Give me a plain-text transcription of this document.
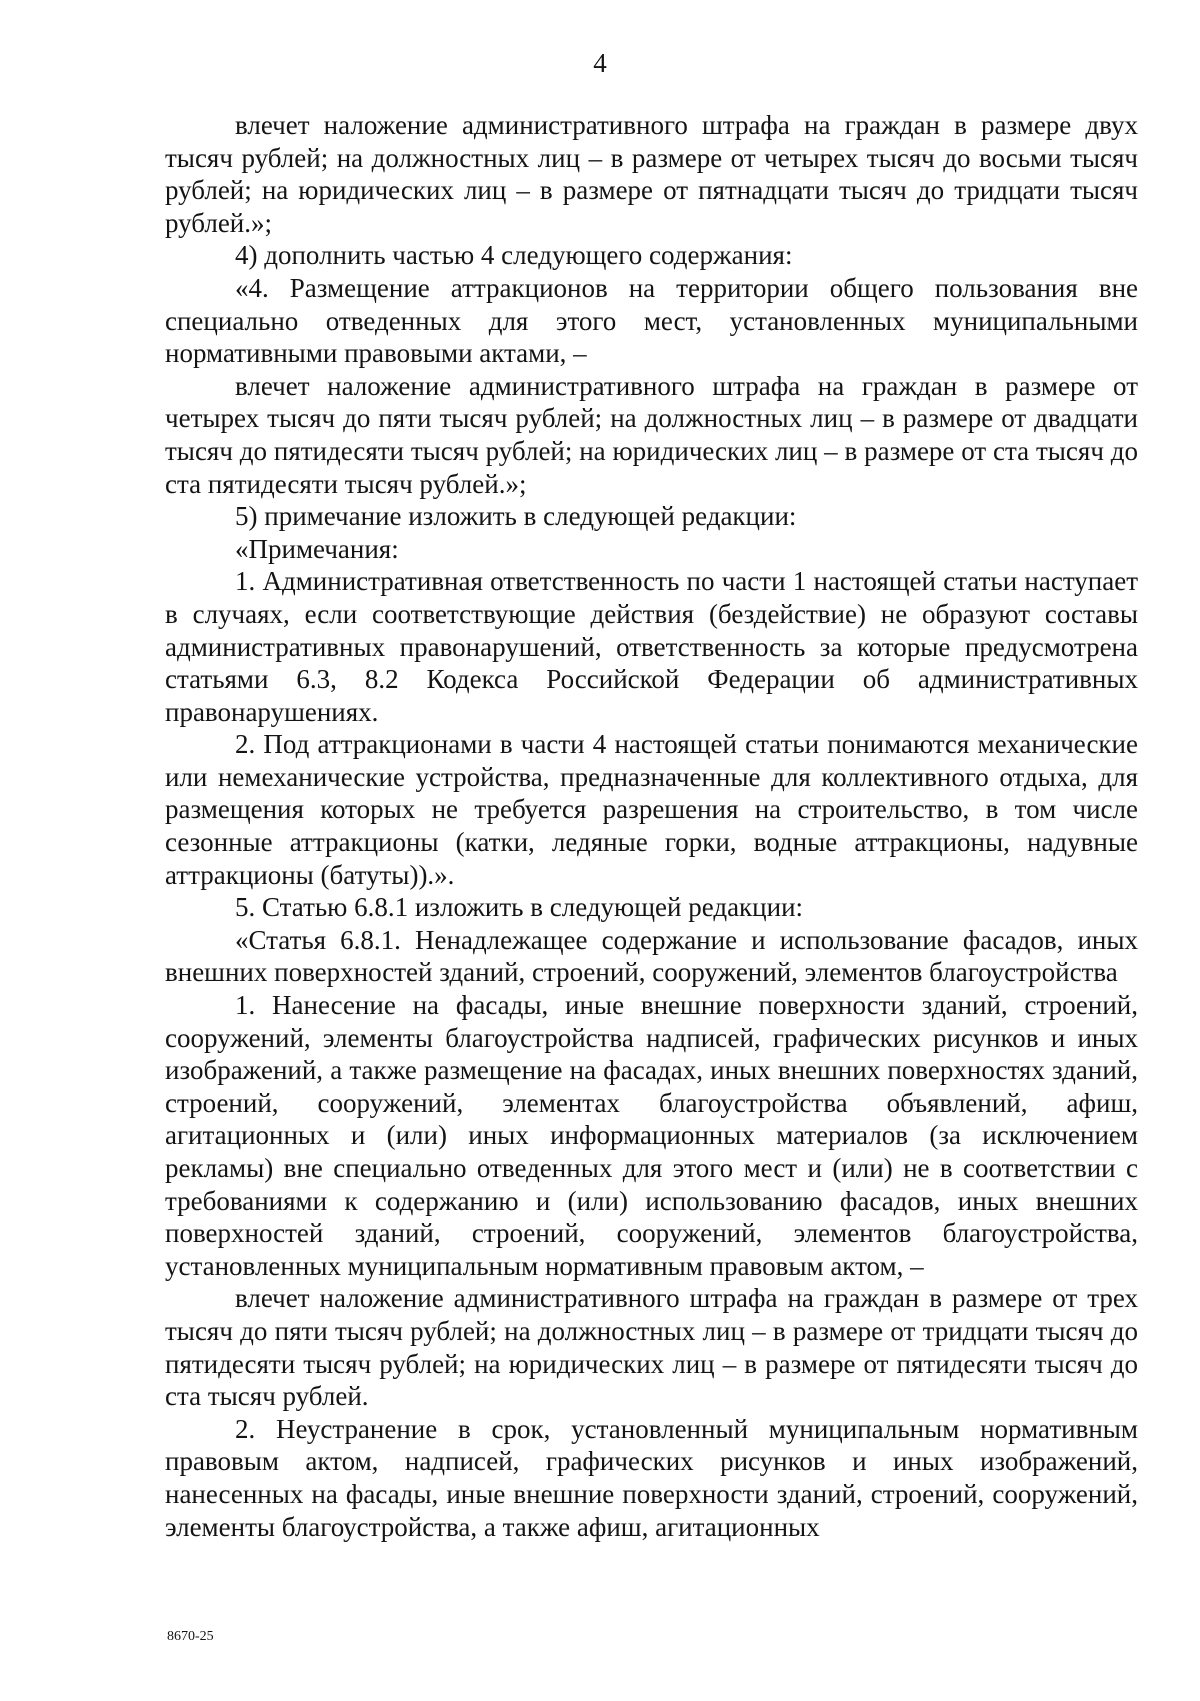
4

влечет наложение административного штрафа на граждан в размере двух тысяч рублей; на должностных лиц – в размере от четырех тысяч до восьми тысяч рублей; на юридических лиц – в размере от пятнадцати тысяч до тридцати тысяч рублей.»;

4) дополнить частью 4 следующего содержания:

«4. Размещение аттракционов на территории общего пользования вне специально отведенных для этого мест, установленных муниципальными нормативными правовыми актами, –

влечет наложение административного штрафа на граждан в размере от четырех тысяч до пяти тысяч рублей; на должностных лиц – в размере от двадцати тысяч до пятидесяти тысяч рублей; на юридических лиц – в размере от ста тысяч до ста пятидесяти тысяч рублей.»;

5) примечание изложить в следующей редакции:

«Примечания:

1. Административная ответственность по части 1 настоящей статьи наступает в случаях, если соответствующие действия (бездействие) не образуют составы административных правонарушений, ответственность за которые предусмотрена статьями 6.3, 8.2 Кодекса Российской Федерации об административных правонарушениях.

2. Под аттракционами в части 4 настоящей статьи понимаются механические или немеханические устройства, предназначенные для коллективного отдыха, для размещения которых не требуется разрешения на строительство, в том числе сезонные аттракционы (катки, ледяные горки, водные аттракционы, надувные аттракционы (батуты)).».

5. Статью 6.8.1 изложить в следующей редакции:

«Статья 6.8.1. Ненадлежащее содержание и использование фасадов, иных внешних поверхностей зданий, строений, сооружений, элементов благоустройства

1. Нанесение на фасады, иные внешние поверхности зданий, строений, сооружений, элементы благоустройства надписей, графических рисунков и иных изображений, а также размещение на фасадах, иных внешних поверхностях зданий, строений, сооружений, элементах благоустройства объявлений, афиш, агитационных и (или) иных информационных материалов (за исключением рекламы) вне специально отведенных для этого мест и (или) не в соответствии с требованиями к содержанию и (или) использованию фасадов, иных внешних поверхностей зданий, строений, сооружений, элементов благоустройства, установленных муниципальным нормативным правовым актом, –

влечет наложение административного штрафа на граждан в размере от трех тысяч до пяти тысяч рублей; на должностных лиц – в размере от тридцати тысяч до пятидесяти тысяч рублей; на юридических лиц – в размере от пятидесяти тысяч до ста тысяч рублей.

2. Неустранение в срок, установленный муниципальным нормативным правовым актом, надписей, графических рисунков и иных изображений, нанесенных на фасады, иные внешние поверхности зданий, строений, сооружений, элементы благоустройства, а также афиш, агитационных

8670-25
